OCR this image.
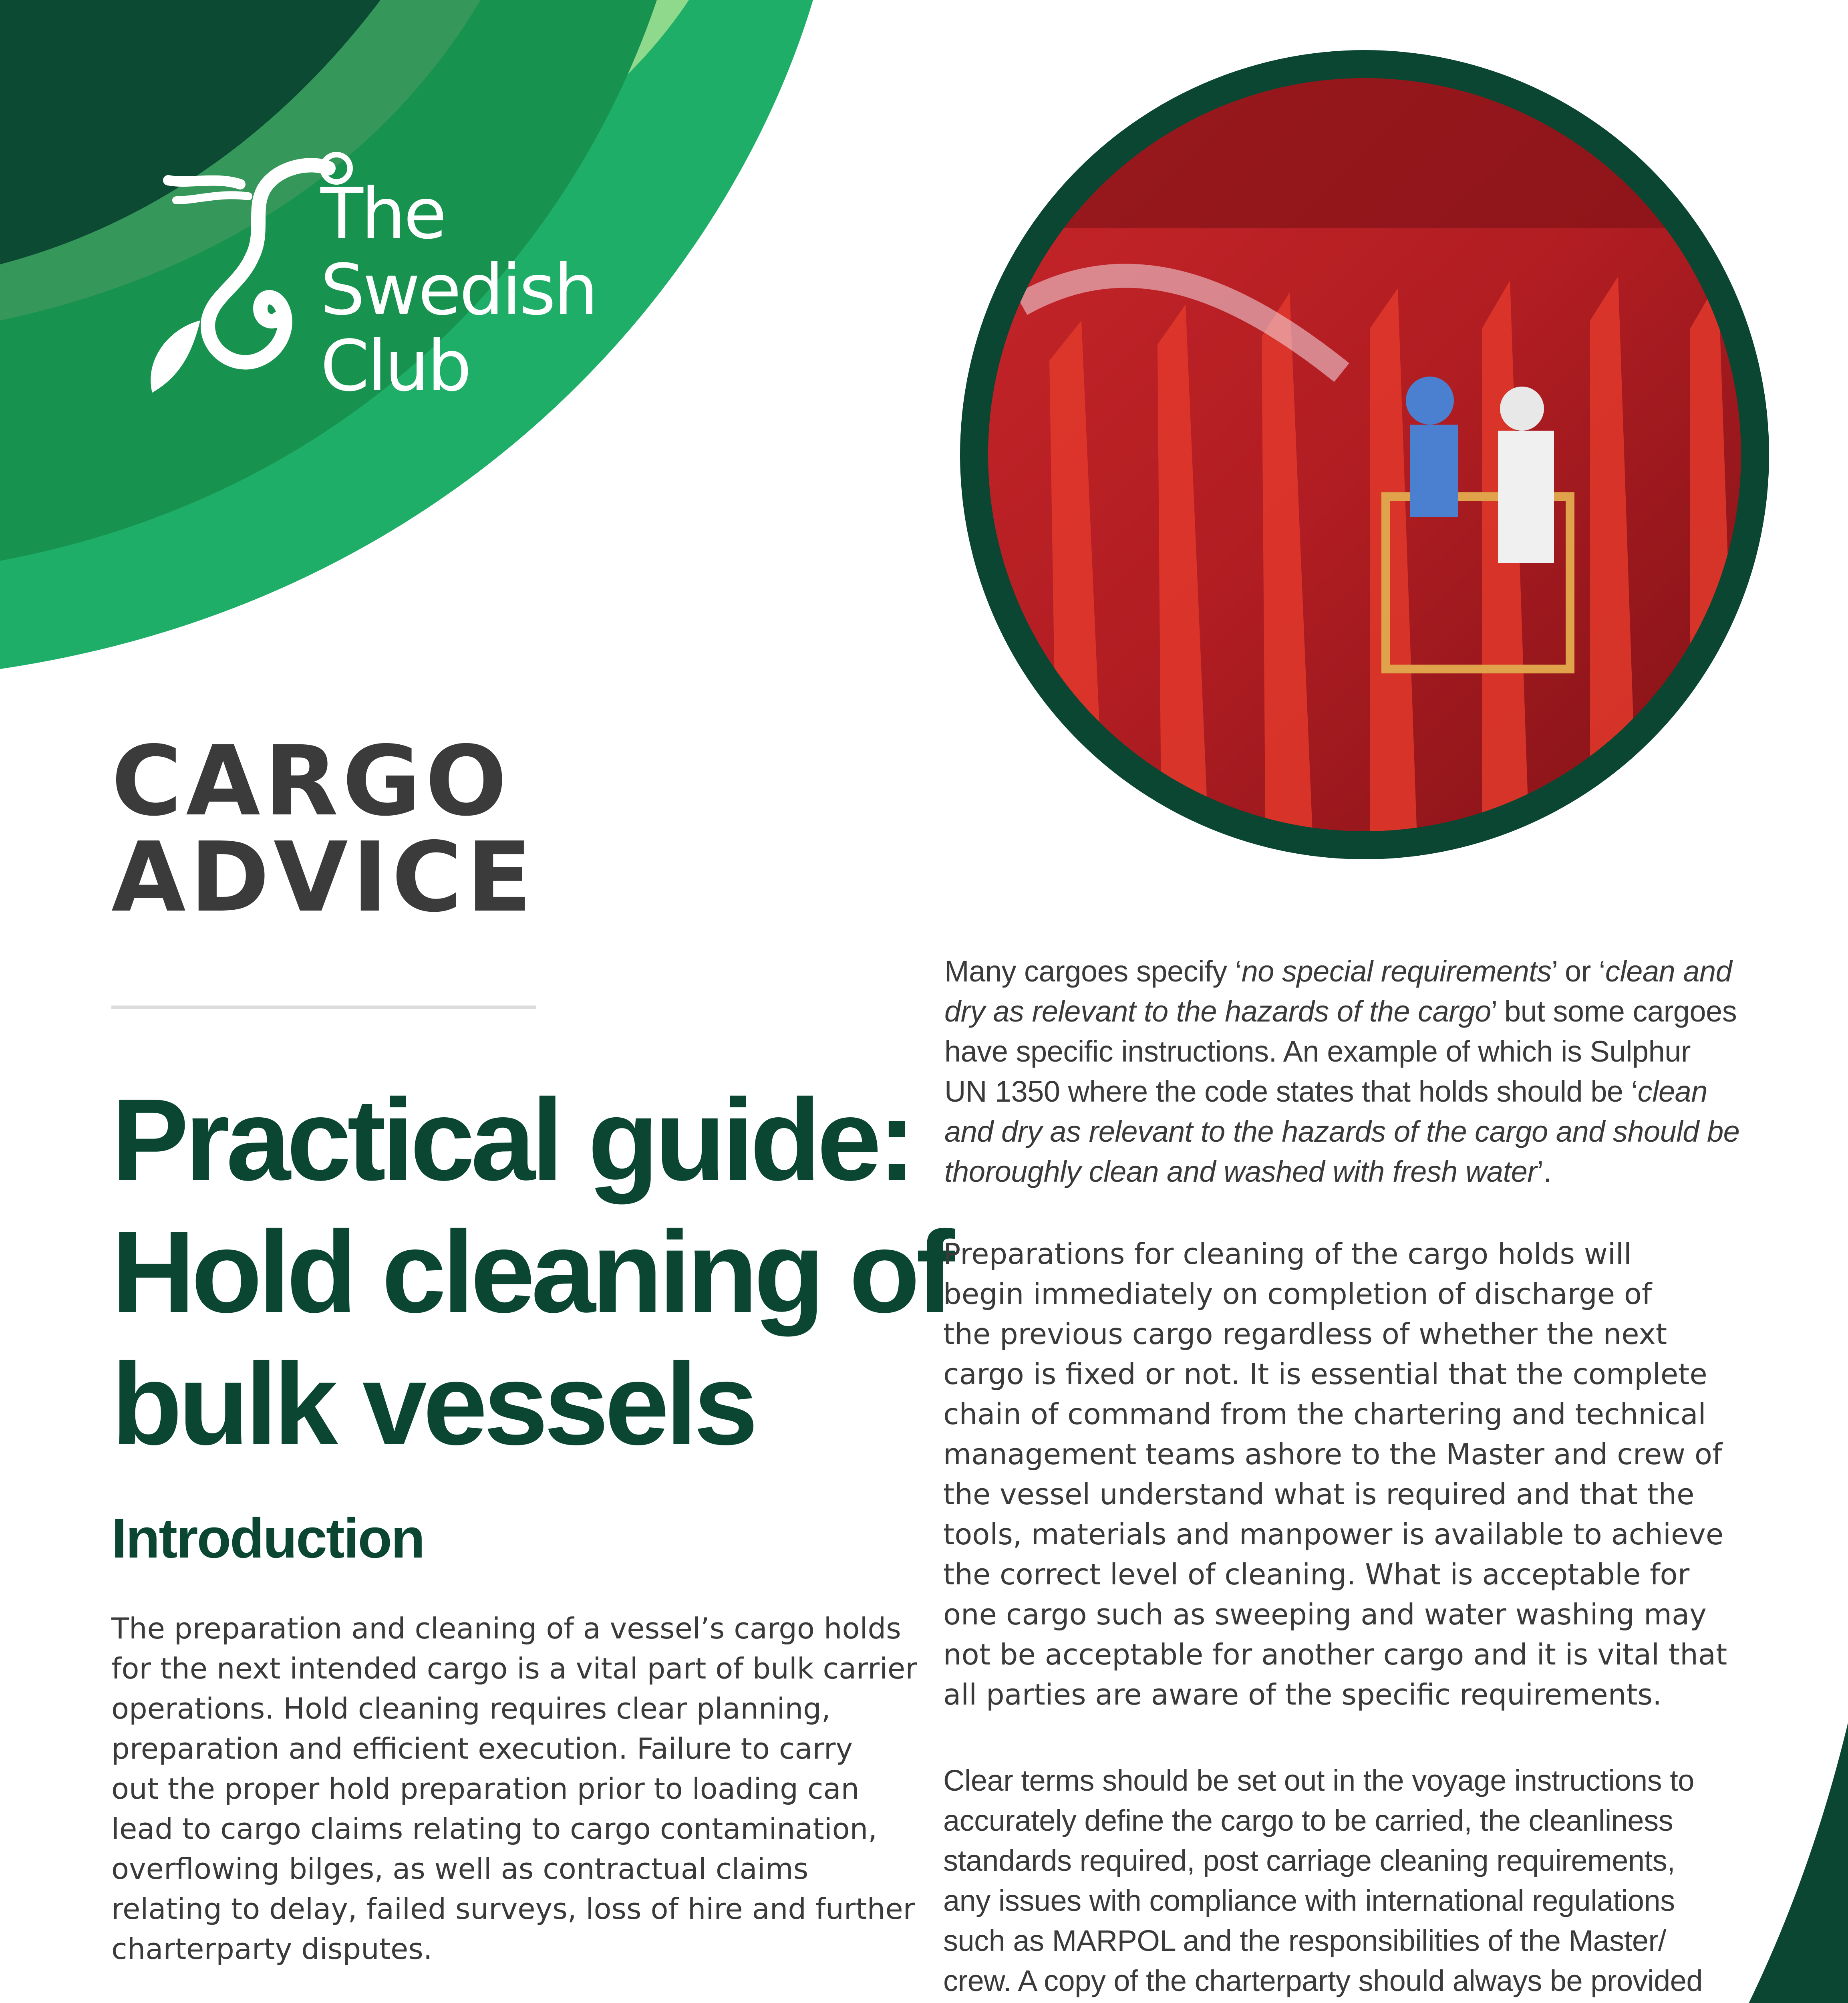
The
Swedish
Club
CARGO
ADVICE
Practical guide:
Hold cleaning of
bulk vessels
Introduction
The preparation and cleaning of a vessel’s cargo holds
for the next intended cargo is a vital part of bulk carrier
operations. Hold cleaning requires clear planning,
preparation and efficient execution. Failure to carry
out the proper hold preparation prior to loading can
lead to cargo claims relating to cargo contamination,
overflowing bilges, as well as contractual claims
relating to delay, failed surveys, loss of hire and further
charterparty disputes.
Many cargoes specify ‘no special requirements’ or ‘clean and
dry as relevant to the hazards of the cargo’ but some cargoes
have specific instructions. An example of which is Sulphur
UN 1350 where the code states that holds should be ‘clean
and dry as relevant to the hazards of the cargo and should be
thoroughly clean and washed with fresh water’.
Preparations for cleaning of the cargo holds will
begin immediately on completion of discharge of
the previous cargo regardless of whether the next
cargo is fixed or not. It is essential that the complete
chain of command from the chartering and technical
management teams ashore to the Master and crew of
the vessel understand what is required and that the
tools, materials and manpower is available to achieve
the correct level of cleaning. What is acceptable for
one cargo such as sweeping and water washing may
not be acceptable for another cargo and it is vital that
all parties are aware of the specific requirements.
Clear terms should be set out in the voyage instructions to
accurately define the cargo to be carried, the cleanliness
standards required, post carriage cleaning requirements,
any issues with compliance with international regulations
such as MARPOL and the responsibilities of the Master/
crew. A copy of the charterparty should always be provided
